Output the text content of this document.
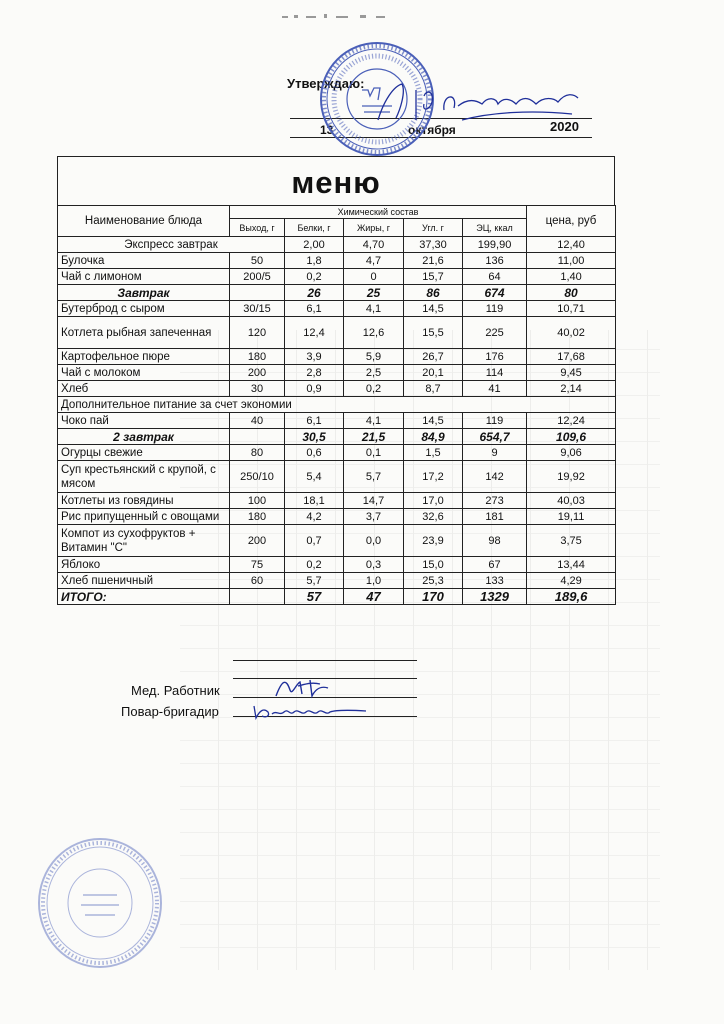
Утверждаю:
13	октября	2020
меню
Наименование блюда	Химический состав					цена, руб
	Выход, г	Белки, г	Жиры, г	Угл. г	ЭЦ, ккал	
Экспресс завтрак		2,00	4,70	37,30	199,90	12,40
Булочка	50	1,8	4,7	21,6	136	11,00
Чай с лимоном	200/5	0,2	0	15,7	64	1,40
Завтрак		26	25	86	674	80
Бутерброд с сыром	30/15	6,1	4,1	14,5	119	10,71
Котлета рыбная запеченная	120	12,4	12,6	15,5	225	40,02
Картофельное пюре	180	3,9	5,9	26,7	176	17,68
Чай с молоком	200	2,8	2,5	20,1	114	9,45
Хлеб	30	0,9	0,2	8,7	41	2,14
Дополнительное питание за счет экономии						
Чоко пай	40	6,1	4,1	14,5	119	12,24
2 завтрак		30,5	21,5	84,9	654,7	109,6
Огурцы свежие	80	0,6	0,1	1,5	9	9,06
Суп крестьянский с крупой, с мясом	250/10	5,4	5,7	17,2	142	19,92
Котлеты из говядины	100	18,1	14,7	17,0	273	40,03
Рис припущенный с овощами	180	4,2	3,7	32,6	181	19,11
Компот из сухофруктов + Витамин "С"	200	0,7	0,0	23,9	98	3,75
Яблоко	75	0,2	0,3	15,0	67	13,44
Хлеб пшеничный	60	5,7	1,0	25,3	133	4,29
ИТОГО:		57	47	170	1329	189,6
Мед. Работник
Повар-бригадир
